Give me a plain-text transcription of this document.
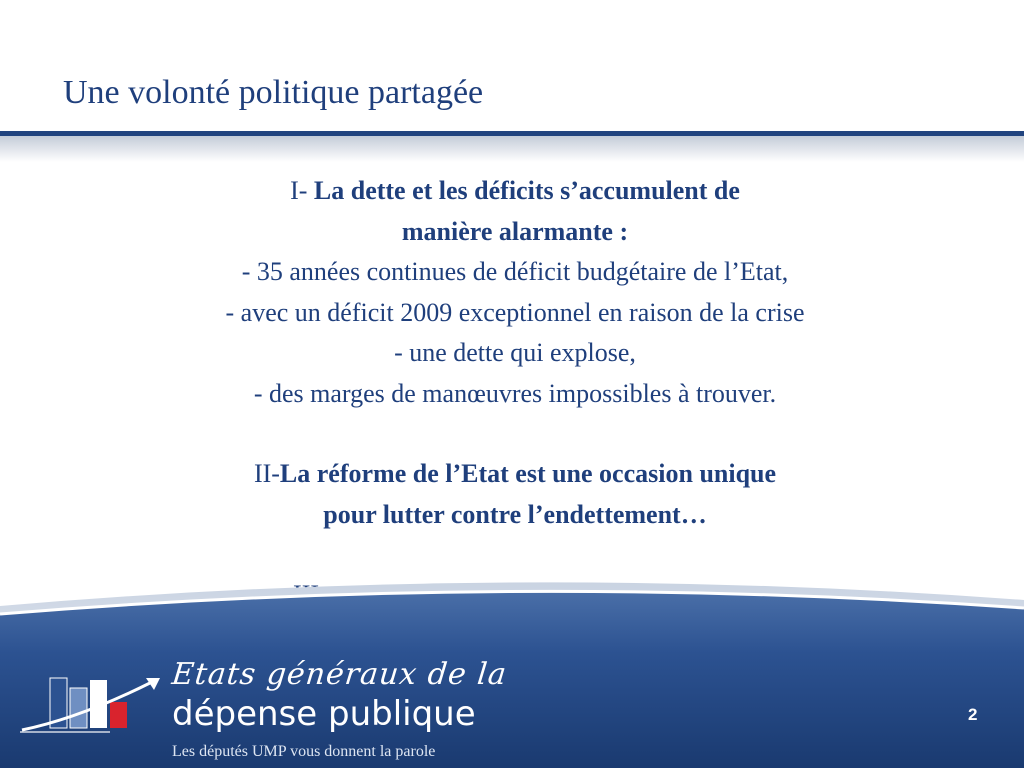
Une volonté politique partagée

I- La dette et les déficits s’accumulent de

manière alarmante :

- 35 années continues de déficit budgétaire de l’Etat,

- avec un déficit 2009 exceptionnel en raison de la crise

- une dette qui explose,

- des marges de manœuvres impossibles à trouver.

II-La réforme de l’Etat est une occasion unique

pour lutter contre l’endettement…

Etats généraux de la
dépense publique
Les députés UMP vous donnent la parole
2
